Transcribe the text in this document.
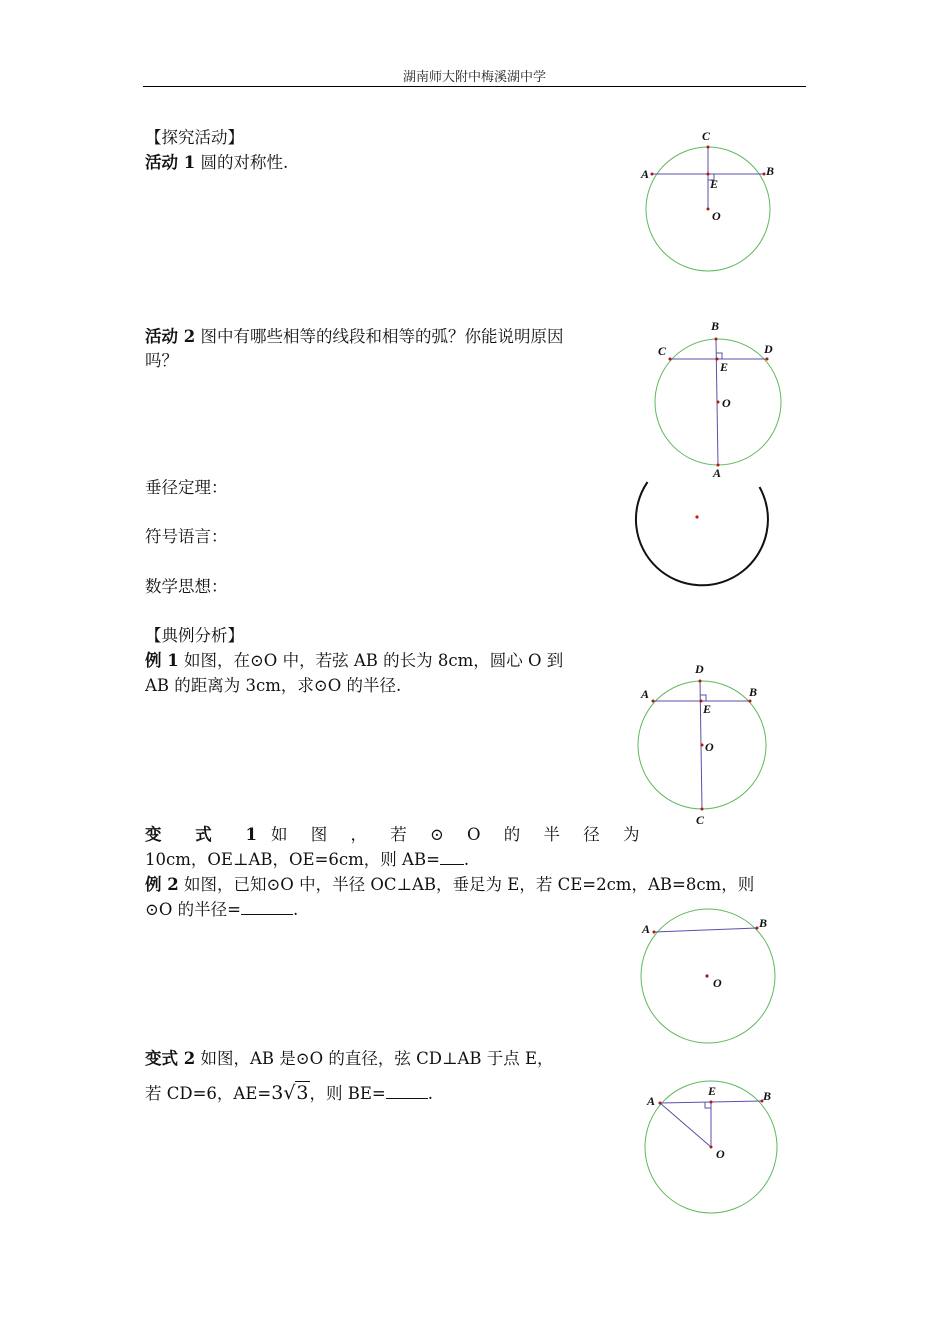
湖南师大附中梅溪湖中学
【探究活动】
活动 1 圆的对称性.
活动 2 图中有哪些相等的线段和相等的弧？你能说明原因
吗？
垂径定理：
符号语言：
数学思想：
【典例分析】
例 1 如图，在⊙O 中，若弦 AB 的长为 8cm，圆心 O 到
AB 的距离为 3cm，求⊙O 的半径.
变 式 1 如 图 ， 若 ⊙ O 的 半 径 为
10cm，OE⊥AB，OE=6cm，则 AB= .
例 2 如图，已知⊙O 中，半径 OC⊥AB，垂足为 E，若 CE=2cm，AB=8cm，则
⊙O 的半径=	.
变式 2 如图，AB 是⊙O 的直径，弦 CD⊥AB 于点 E，
若 CD=6，AE=3√3，则 BE=	.
C
A	B
E
O
B
C	D
E
O
A
D
A	B
E
O
C
A	B
O
A
E	B
O
